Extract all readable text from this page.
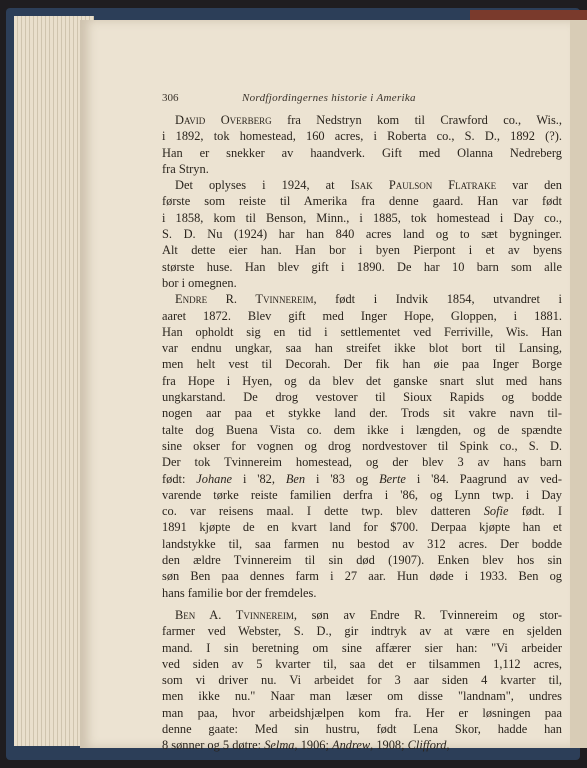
306	Nordfjordingernes historie i Amerika
David Overberg fra Nedstryn kom til Crawford co., Wis.,
i 1892, tok homestead, 160 acres, i Roberta co., S. D., 1892 (?).
Han er snekker av haandverk. Gift med Olanna Nedreberg
fra Stryn.
Det oplyses i 1924, at Isak Paulson Flatrake var den
første som reiste til Amerika fra denne gaard. Han var født
i 1858, kom til Benson, Minn., i 1885, tok homestead i Day co.,
S. D. Nu (1924) har han 840 acres land og to sæt bygninger.
Alt dette eier han. Han bor i byen Pierpont i et av byens
største huse. Han blev gift i 1890. De har 10 barn som alle
bor i omegnen.
Endre R. Tvinnereim, født i Indvik 1854, utvandret i
aaret 1872. Blev gift med Inger Hope, Gloppen, i 1881.
Han opholdt sig en tid i settlementet ved Ferriville, Wis. Han
var endnu ungkar, saa han streifet ikke blot bort til Lansing,
men helt vest til Decorah. Der fik han øie paa Inger Borge
fra Hope i Hyen, og da blev det ganske snart slut med hans
ungkarstand. De drog vestover til Sioux Rapids og bodde
nogen aar paa et stykke land der. Trods sit vakre navn til-
talte dog Buena Vista co. dem ikke i længden, og de spændte
sine okser for vognen og drog nordvestover til Spink co., S. D.
Der tok Tvinnereim homestead, og der blev 3 av hans barn
født: Johane i '82, Ben i '83 og Berte i '84. Paagrund av ved-
varende tørke reiste familien derfra i '86, og Lynn twp. i Day
co. var reisens maal. I dette twp. blev datteren Sofie født. I
1891 kjøpte de en kvart land for $700. Derpaa kjøpte han et
landstykke til, saa farmen nu bestod av 312 acres. Der bodde
den ældre Tvinnereim til sin død (1907). Enken blev hos sin
søn Ben paa dennes farm i 27 aar. Hun døde i 1933. Ben og
hans familie bor der fremdeles.
Ben A. Tvinnereim, søn av Endre R. Tvinnereim og stor-
farmer ved Webster, S. D., gir indtryk av at være en sjelden
mand. I sin beretning om sine affærer sier han: "Vi arbeider
ved siden av 5 kvarter til, saa det er tilsammen 1,112 acres,
som vi driver nu. Vi arbeidet for 3 aar siden 4 kvarter til,
men ikke nu." Naar man læser om disse "landnam", undres
man paa, hvor arbeidshjælpen kom fra. Her er løsningen paa
denne gaate: Med sin hustru, født Lena Skor, hadde han
8 sønner og 5 døtre: Selma, 1906; Andrew, 1908; Clifford,
